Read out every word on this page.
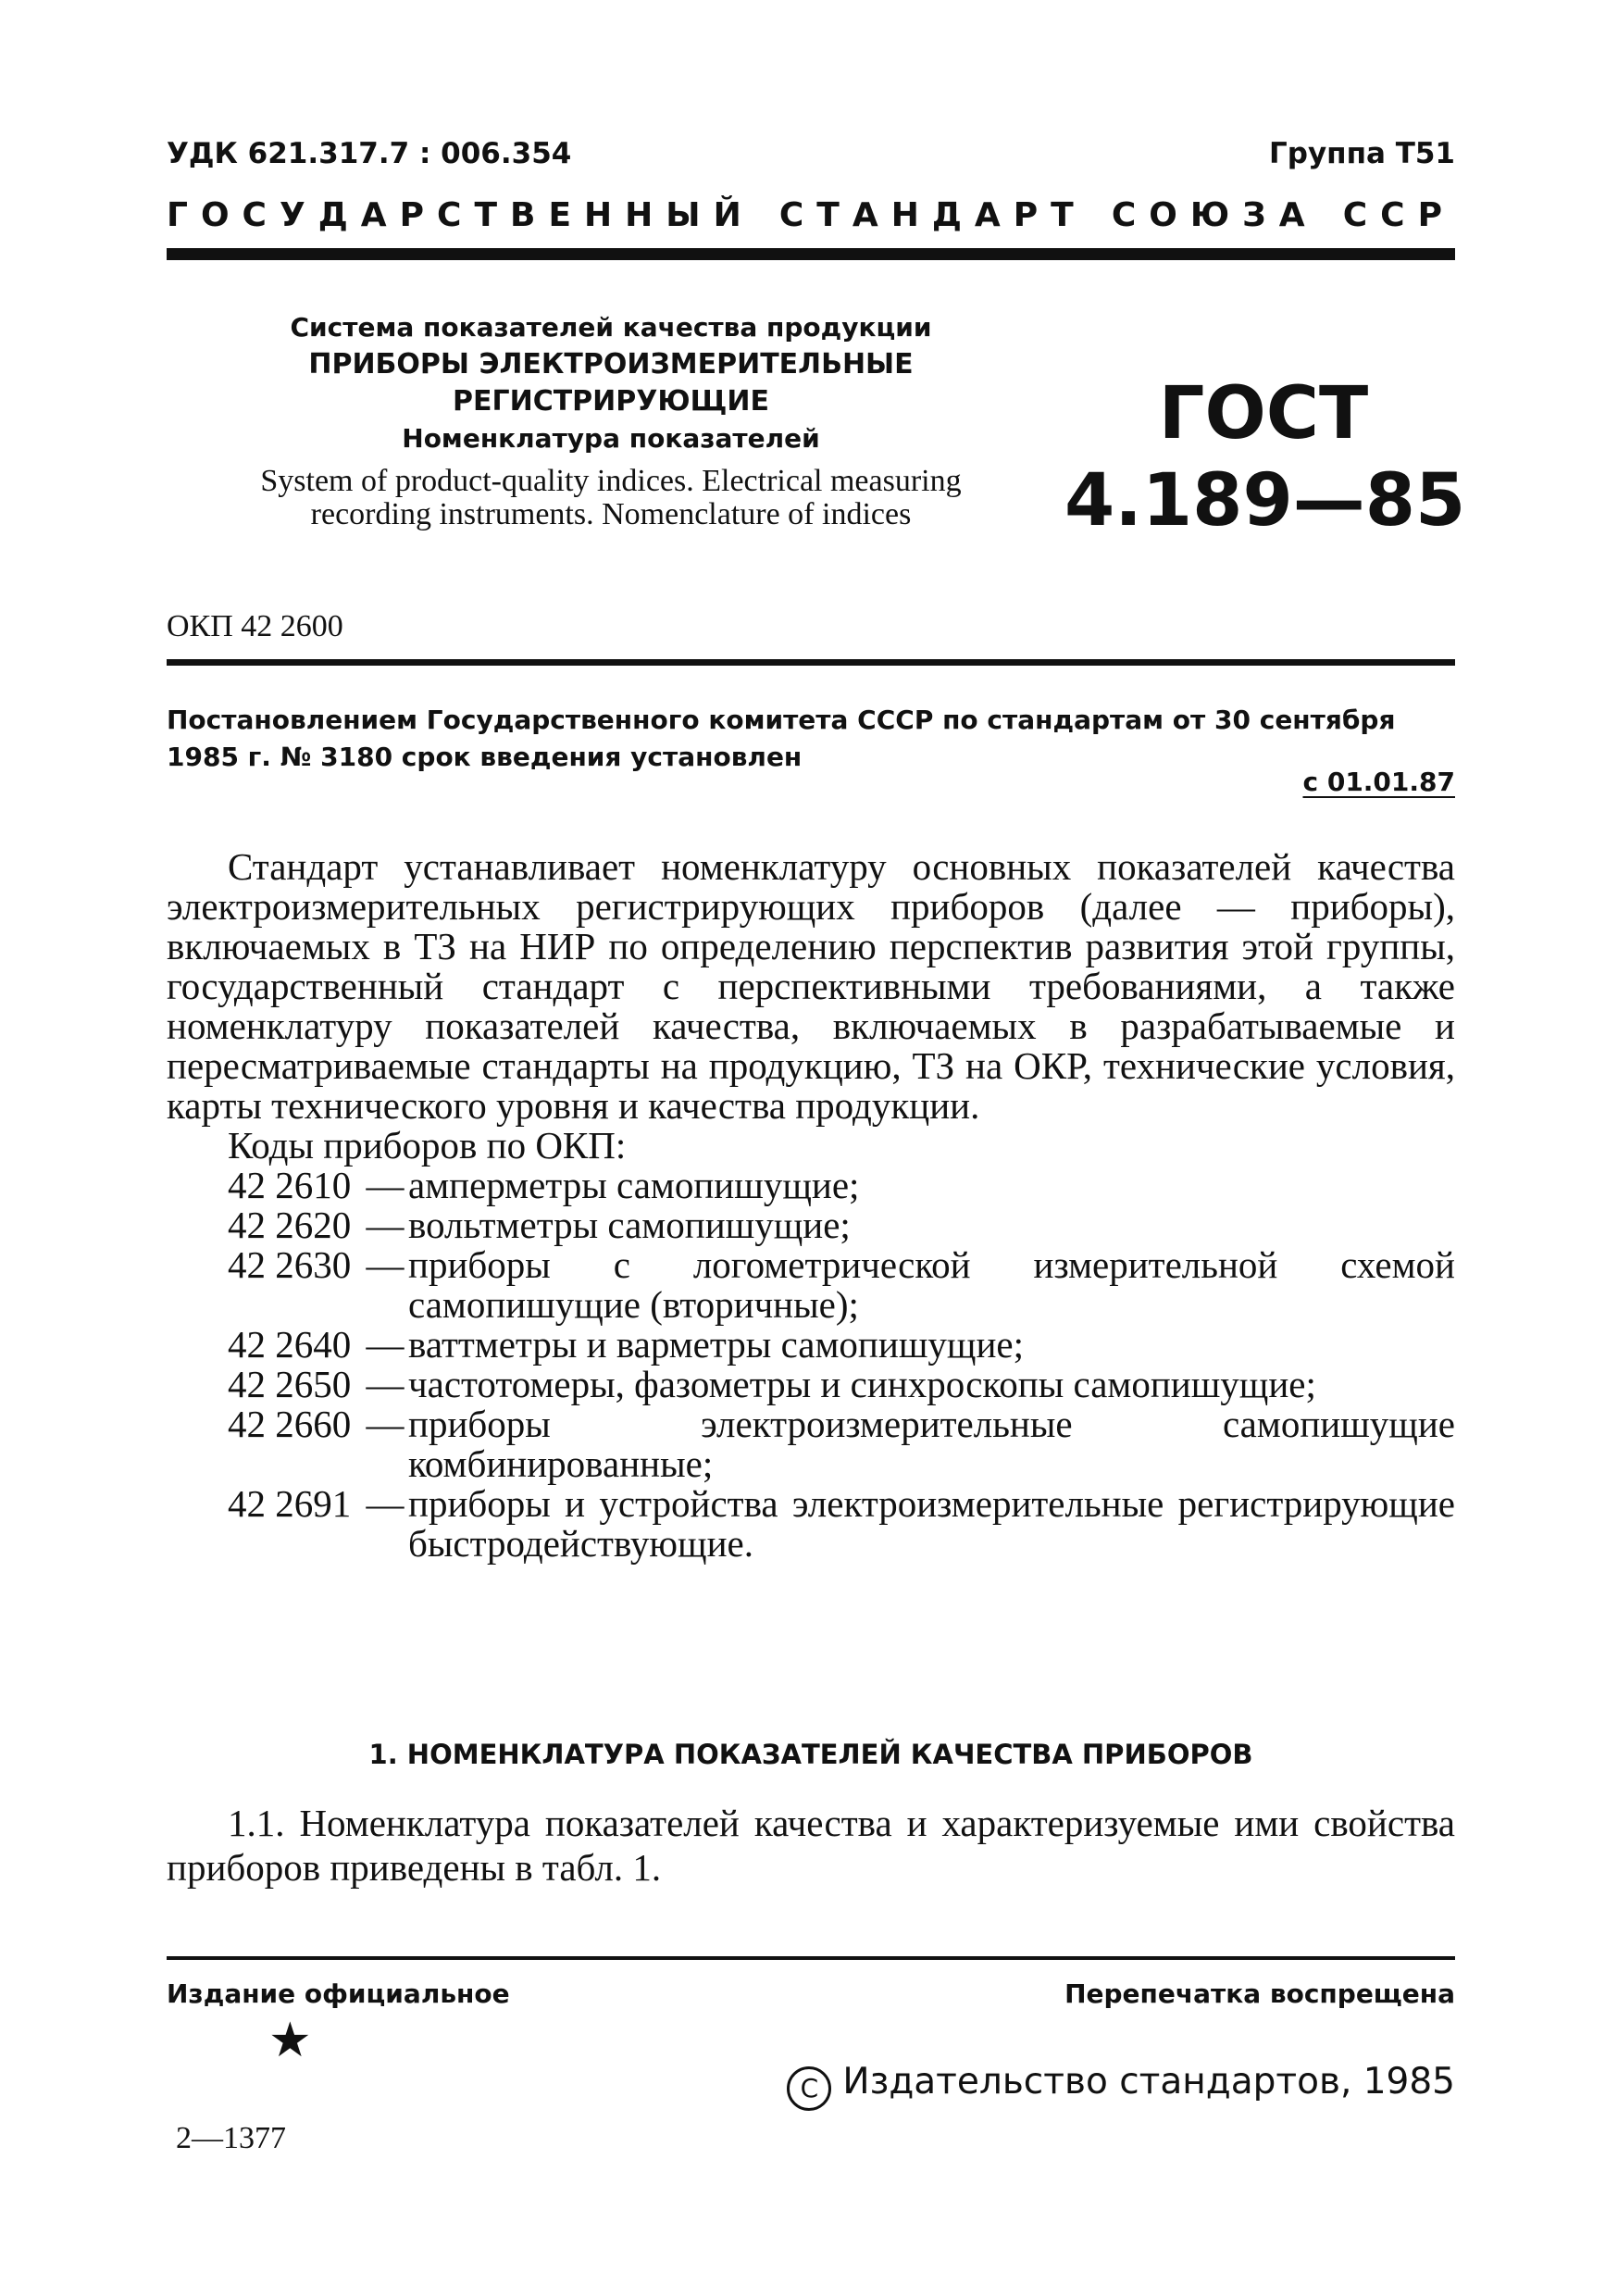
УДК 621.317.7 : 006.354	Группа Т51
ГОСУДАРСТВЕННЫЙ СТАНДАРТ СОЮЗА ССР
Система показателей качества продукции
ПРИБОРЫ ЭЛЕКТРОИЗМЕРИТЕЛЬНЫЕ
РЕГИСТРИРУЮЩИЕ
Номенклатура показателей
System of product-quality indices. Electrical measuring
recording instruments. Nomenclature of indices
ГОСТ
4.189—85
ОКП 42 2600
Постановлением Государственного комитета СССР по стандартам от 30 сентября 1985 г. № 3180 срок введения установлен
с 01.01.87

Стандарт устанавливает номенклатуру основных показателей качества электроизмерительных регистрирующих приборов (далее — приборы), включаемых в ТЗ на НИР по определению перспектив развития этой группы, государственный стандарт с перспективными требованиями, а также номенклатуру показателей качества, включаемых в разрабатываемые и пересматриваемые стандарты на продукцию, ТЗ на ОКР, технические условия, карты технического уровня и качества продукции.

Коды приборов по ОКП:
42 2610 — амперметры самопишущие;
42 2620 — вольтметры самопишущие;
42 2630 — приборы с логометрической измерительной схемой самопишущие (вторичные);
42 2640 — ваттметры и варметры самопишущие;
42 2650 — частотомеры, фазометры и синхроскопы самопишущие;
42 2660 — приборы электроизмерительные самопишущие комбинированные;
42 2691 — приборы и устройства электроизмерительные регистрирующие быстродействующие.
1. НОМЕНКЛАТУРА ПОКАЗАТЕЛЕЙ КАЧЕСТВА ПРИБОРОВ
1.1. Номенклатура показателей качества и характеризуемые ими свойства приборов приведены в табл. 1.
Издание официальное	Перепечатка воспрещена
★
C Издательство стандартов, 1985
2—1377
